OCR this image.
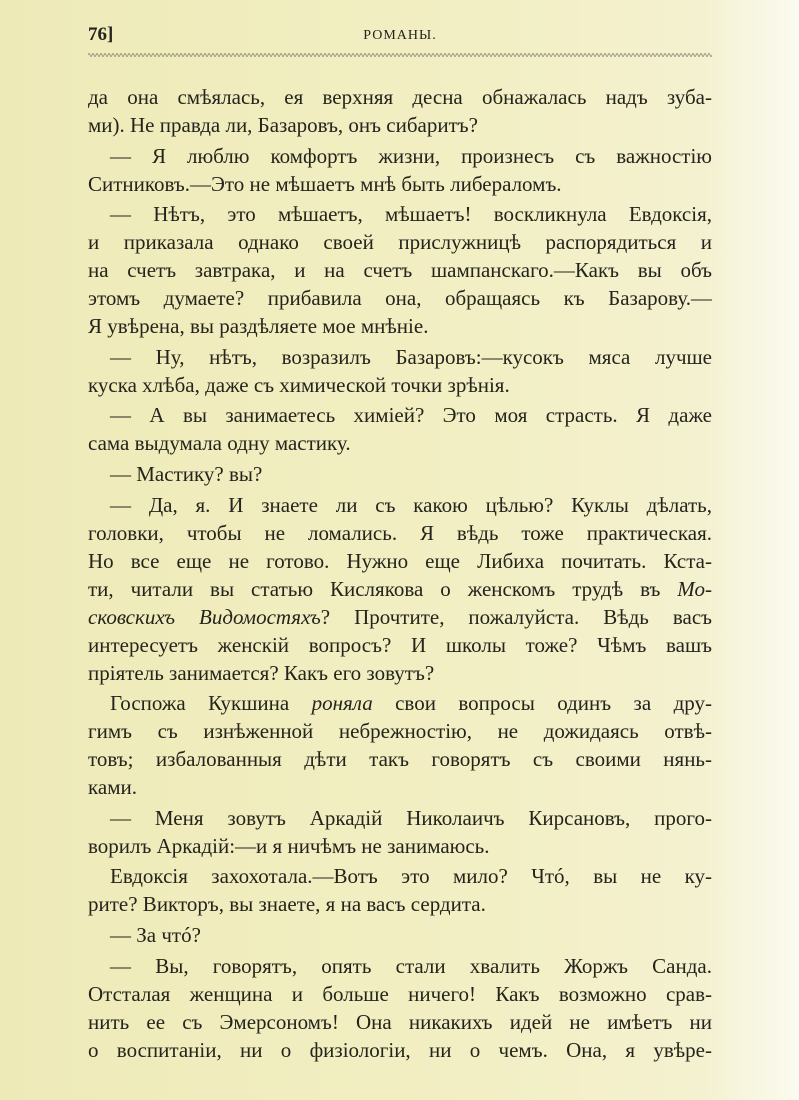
76]	РОМАНЫ.
да она смѣялась, ея верхняя десна обнажалась надъ зуба-
ми). Не правда ли, Базаровъ, онъ сибаритъ?
— Я люблю комфортъ жизни, произнесъ съ важностію
Ситниковъ.—Это не мѣшаетъ мнѣ быть либераломъ.
— Нѣтъ, это мѣшаетъ, мѣшаетъ! воскликнула Евдоксія,
и приказала однако своей прислужницѣ распорядиться и
на счетъ завтрака, и на счетъ шампанскаго.—Какъ вы объ
этомъ думаете? прибавила она, обращаясь къ Базарову.—
Я увѣрена, вы раздѣляете мое мнѣніе.
— Ну, нѣтъ, возразилъ Базаровъ:—кусокъ мяса лучше
куска хлѣба, даже съ химической точки зрѣнія.
— А вы занимаетесь химіей? Это моя страсть. Я даже
сама выдумала одну мастику.
— Мастику? вы?
— Да, я. И знаете ли съ какою цѣлью? Куклы дѣлать,
головки, чтобы не ломались. Я вѣдь тоже практическая.
Но все еще не готово. Нужно еще Либиха почитать. Кста-
ти, читали вы статью Кислякова о женскомъ трудѣ въ Мо-
сковскихъ Видомостяхъ? Прочтите, пожалуйста. Вѣдь васъ
интересуетъ женскій вопросъ? И школы тоже? Чѣмъ вашъ
пріятель занимается? Какъ его зовутъ?
Госпожа Кукшина роняла свои вопросы одинъ за дру-
гимъ съ изнѣженной небрежностію, не дожидаясь отвѣ-
товъ; избалованныя дѣти такъ говорятъ съ своими нянь-
ками.
— Меня зовутъ Аркадій Николаичъ Кирсановъ, прого-
ворилъ Аркадій:—и я ничѣмъ не занимаюсь.
Евдоксія захохотала.—Вотъ это мило? Чтó, вы не ку-
рите? Викторъ, вы знаете, я на васъ сердита.
— За чтó?
— Вы, говорятъ, опять стали хвалить Жоржъ Санда.
Отсталая женщина и больше ничего! Какъ возможно срав-
нить ее съ Эмерсономъ! Она никакихъ идей не имѣетъ ни
о воспитаніи, ни о физіологіи, ни о чемъ. Она, я увѣре-
